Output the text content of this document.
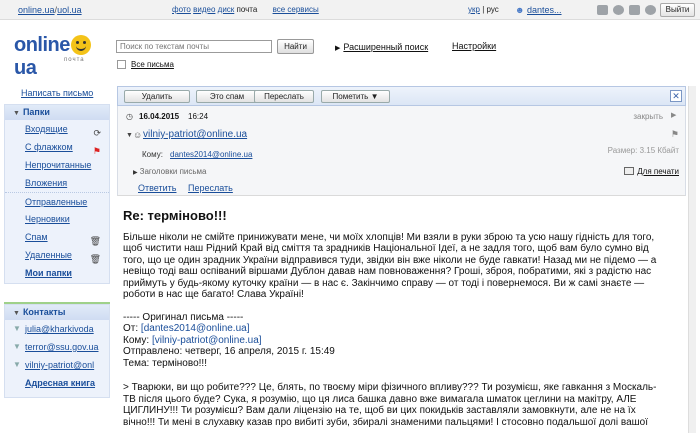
online.ua/uol.ua	фото видео диск почта все сервисы	укр | рус ☻ dantes...	Выйти
onlineua	почта
Поиск по текстам почты
Найти	▶ Расширенный поиск	Настройки
Все письма
Написать письмо
▼ Папки
Входящие	⟳
С флажком ⚑
Непрочитанные
Вложения
Отправленные
Черновики
Спам	🗑
Удаленные 🗑
Мои папки
▼ Контакты
▼ julia@kharkivoda
▼ terror@ssu.gov.ua
▼ vilniy-patriot@onl
Адресная книга
Удалить	Это спам	Переслать	Пометить ▼	✕
◷ 16.04.2015 16:24	закрыть ▶
▼ ☺ vilniy-patriot@online.ua	⚑
Кому: dantes2014@online.ua	Размер: 3.15 Кбайт
▶ Заголовки письма	Для печати
Ответить Переслать
Re: терміново!!!

Більше ніколи не смійте принижувати мене, чи моїх хлопців! Ми взяли в руки зброю та усю нашу гідність для того, щоб чистити наш Рідний Край від сміття та зрадників Національної Ідеї, а не задля того, щоб вам було сумно від того, що це один зрадник України відправився туди, звідки він вже ніколи не буде гавкати! Назад ми не підемо — а невіщо тоді ваш оспіваний віршами Дублон давав нам повноваження? Гроші, зброя, побратими, які з радістю нас приймуть у будь-якому куточку країни — в нас є. Закінчимо справу — от тоді і повернемося. Ви ж самі знаєте — роботи в нас ще багато! Слава Україні!

----- Оригинал письма -----
От: [dantes2014@online.ua]
Кому: [vilniy-patriot@online.ua]
Отправлено: четверг, 16 апреля, 2015 г. 15:49
Тема: терміново!!!

> Тварюки, ви що робите??? Це, блять, по твоєму міри фізичного впливу??? Ти розумієш, яке гавкання з Москаль-ТВ після цього буде? Сука, я розумію, що ця лиса башка давно вже вимагала шматок цеглини на макітру, АЛЕ ЦИГЛИНУ!!! Ти розумієш? Вам дали ліцензію на те, щоб ви цих покидьків заставляли замовкнути, але не на їх вічно!!! Ти мені в слухавку казав про вибиті зуби, збиралі знаменими пальцями! І стосовно подальшої долі вашої
